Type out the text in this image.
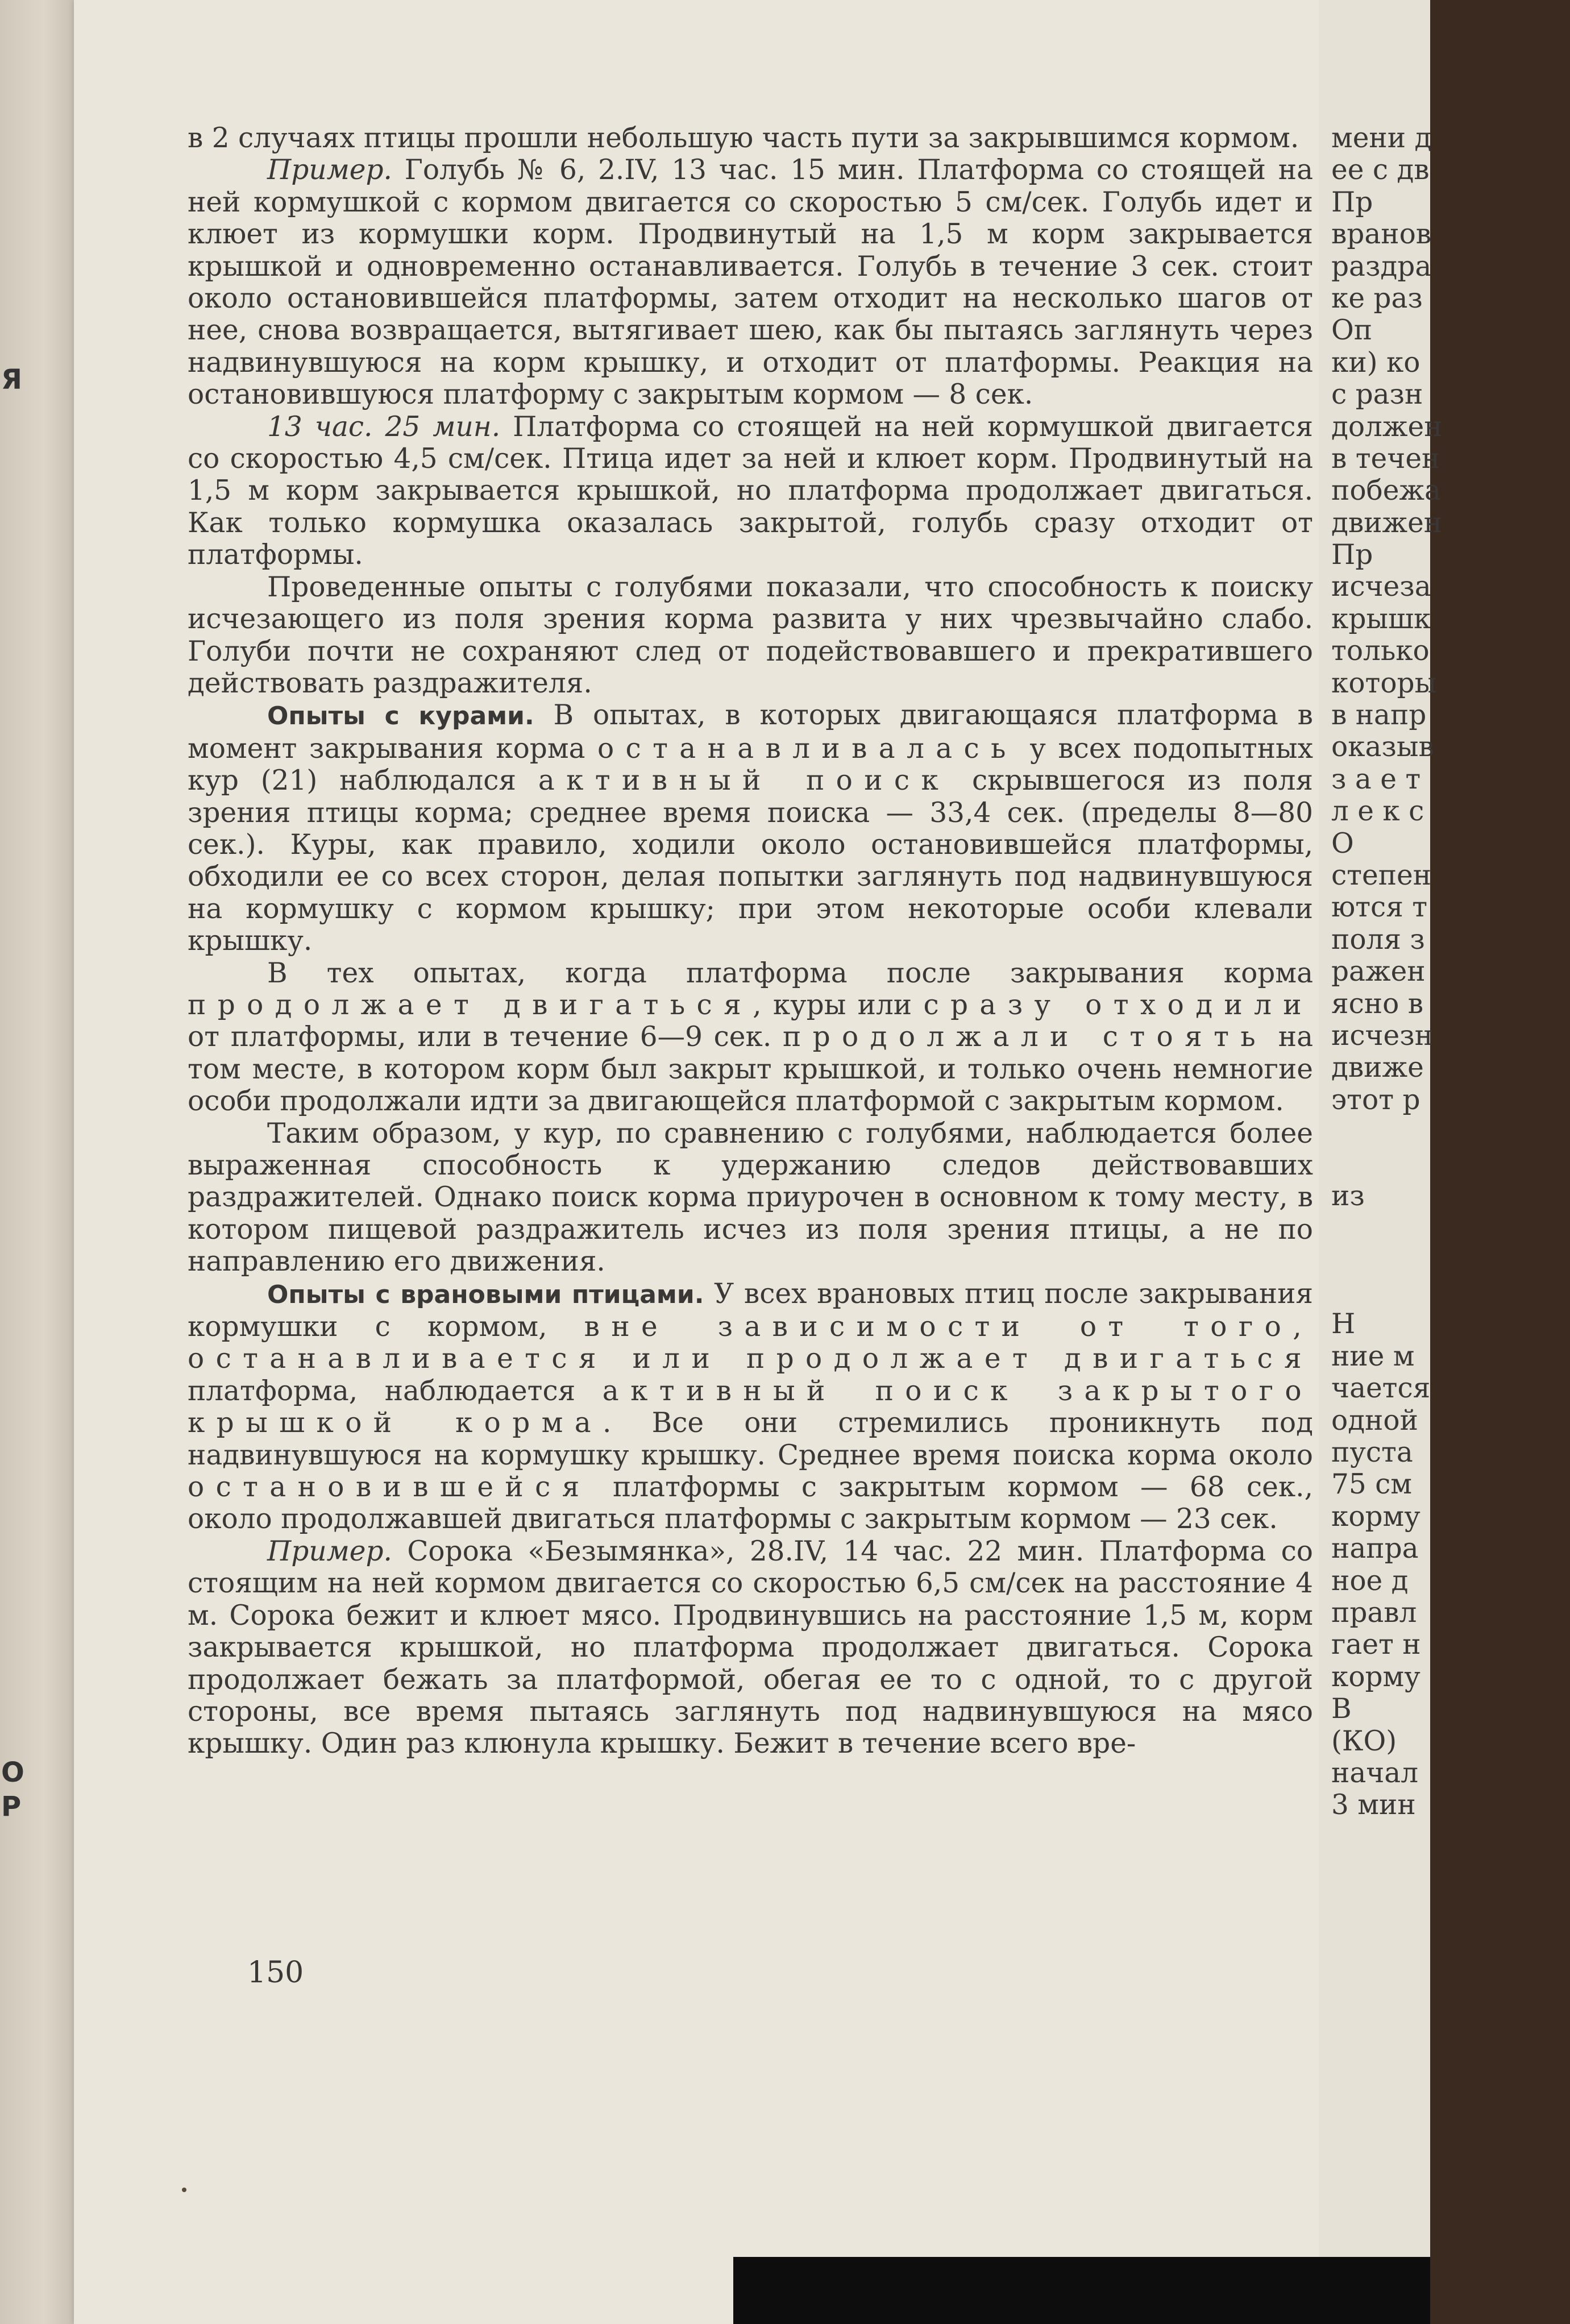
Я
О
Р

в 2 случаях птицы прошли небольшую часть пути за закрывшимся кормом.

Пример. Голубь № 6, 2.IV, 13 час. 15 мин. Платформа со стоящей на ней кормушкой с кормом двигается со скоростью 5 см/сек. Голубь идет и клюет из кормушки корм. Продвинутый на 1,5 м корм закрывается крышкой и одновременно останавливается. Голубь в течение 3 сек. стоит около остановившейся платформы, затем отходит на несколько шагов от нее, снова возвращается, вытягивает шею, как бы пытаясь заглянуть через надвинувшуюся на корм крышку, и отходит от платформы. Реакция на остановившуюся платформу с закрытым кормом — 8 сек.

13 час. 25 мин. Платформа со стоящей на ней кормушкой двигается со скоростью 4,5 см/сек. Птица идет за ней и клюет корм. Продвинутый на 1,5 м корм закрывается крышкой, но платформа продолжает двигаться. Как только кормушка оказалась закрытой, голубь сразу отходит от платформы.

Проведенные опыты с голубями показали, что способность к поиску исчезающего из поля зрения корма развита у них чрезвычайно слабо. Голуби почти не сохраняют след от подействовавшего и прекратившего действовать раздражителя.

Опыты с курами. В опытах, в которых двигающаяся платформа в момент закрывания корма останавливалась у всех подопытных кур (21) наблюдался активный поиск скрывшегося из поля зрения птицы корма; среднее время поиска — 33,4 сек. (пределы 8—80 сек.). Куры, как правило, ходили около остановившейся платформы, обходили ее со всех сторон, делая попытки заглянуть под надвинувшуюся на кормушку с кормом крышку; при этом некоторые особи клевали крышку.

В тех опытах, когда платформа после закрывания корма продолжает двигаться, куры или сразу отходили от платформы, или в течение 6—9 сек. продолжали стоять на том месте, в котором корм был закрыт крышкой, и только очень немногие особи продолжали идти за двигающейся платформой с закрытым кормом.

Таким образом, у кур, по сравнению с голубями, наблюдается более выраженная способность к удержанию следов действовавших раздражителей. Однако поиск корма приурочен в основном к тому месту, в котором пищевой раздражитель исчез из поля зрения птицы, а не по направлению его движения.

Опыты с врановыми птицами. У всех врановых птиц после закрывания кормушки с кормом, вне зависимости от того, останавливается или продолжает двигаться платформа, наблюдается активный поиск закрытого крышкой корма. Все они стремились проникнуть под надвинувшуюся на кормушку крышку. Среднее время поиска корма около остановившейся платформы с закрытым кормом — 68 сек., около продолжавшей двигаться платформы с закрытым кормом — 23 сек.

Пример. Сорока «Безымянка», 28.IV, 14 час. 22 мин. Платформа со стоящим на ней кормом двигается со скоростью 6,5 см/сек на расстояние 4 м. Сорока бежит и клюет мясо. Продвинувшись на расстояние 1,5 м, корм закрывается крышкой, но платформа продолжает двигаться. Сорока продолжает бежать за платформой, обегая ее то с одной, то с другой стороны, все время пытаясь заглянуть под надвинувшуюся на мясо крышку. Один раз клюнула крышку. Бежит в течение всего вре-

150
мени д
ее с дв
Пр
вранов
раздра
ке раз
Оп
ки) ко
с разн
должен
в течен
побежа
движен
Пр
исчеза
крышк
только
которы
в напр
оказыв
з а е т
л е к с
О
степен
ются т
поля з
ражен
ясно в
исчезн
движе
этот р
из
Н
ние м
чается
одной
пуста
75 см
корму
напра
ное д
правл
гает н
корму
В
(КО)
начал
3 мин
